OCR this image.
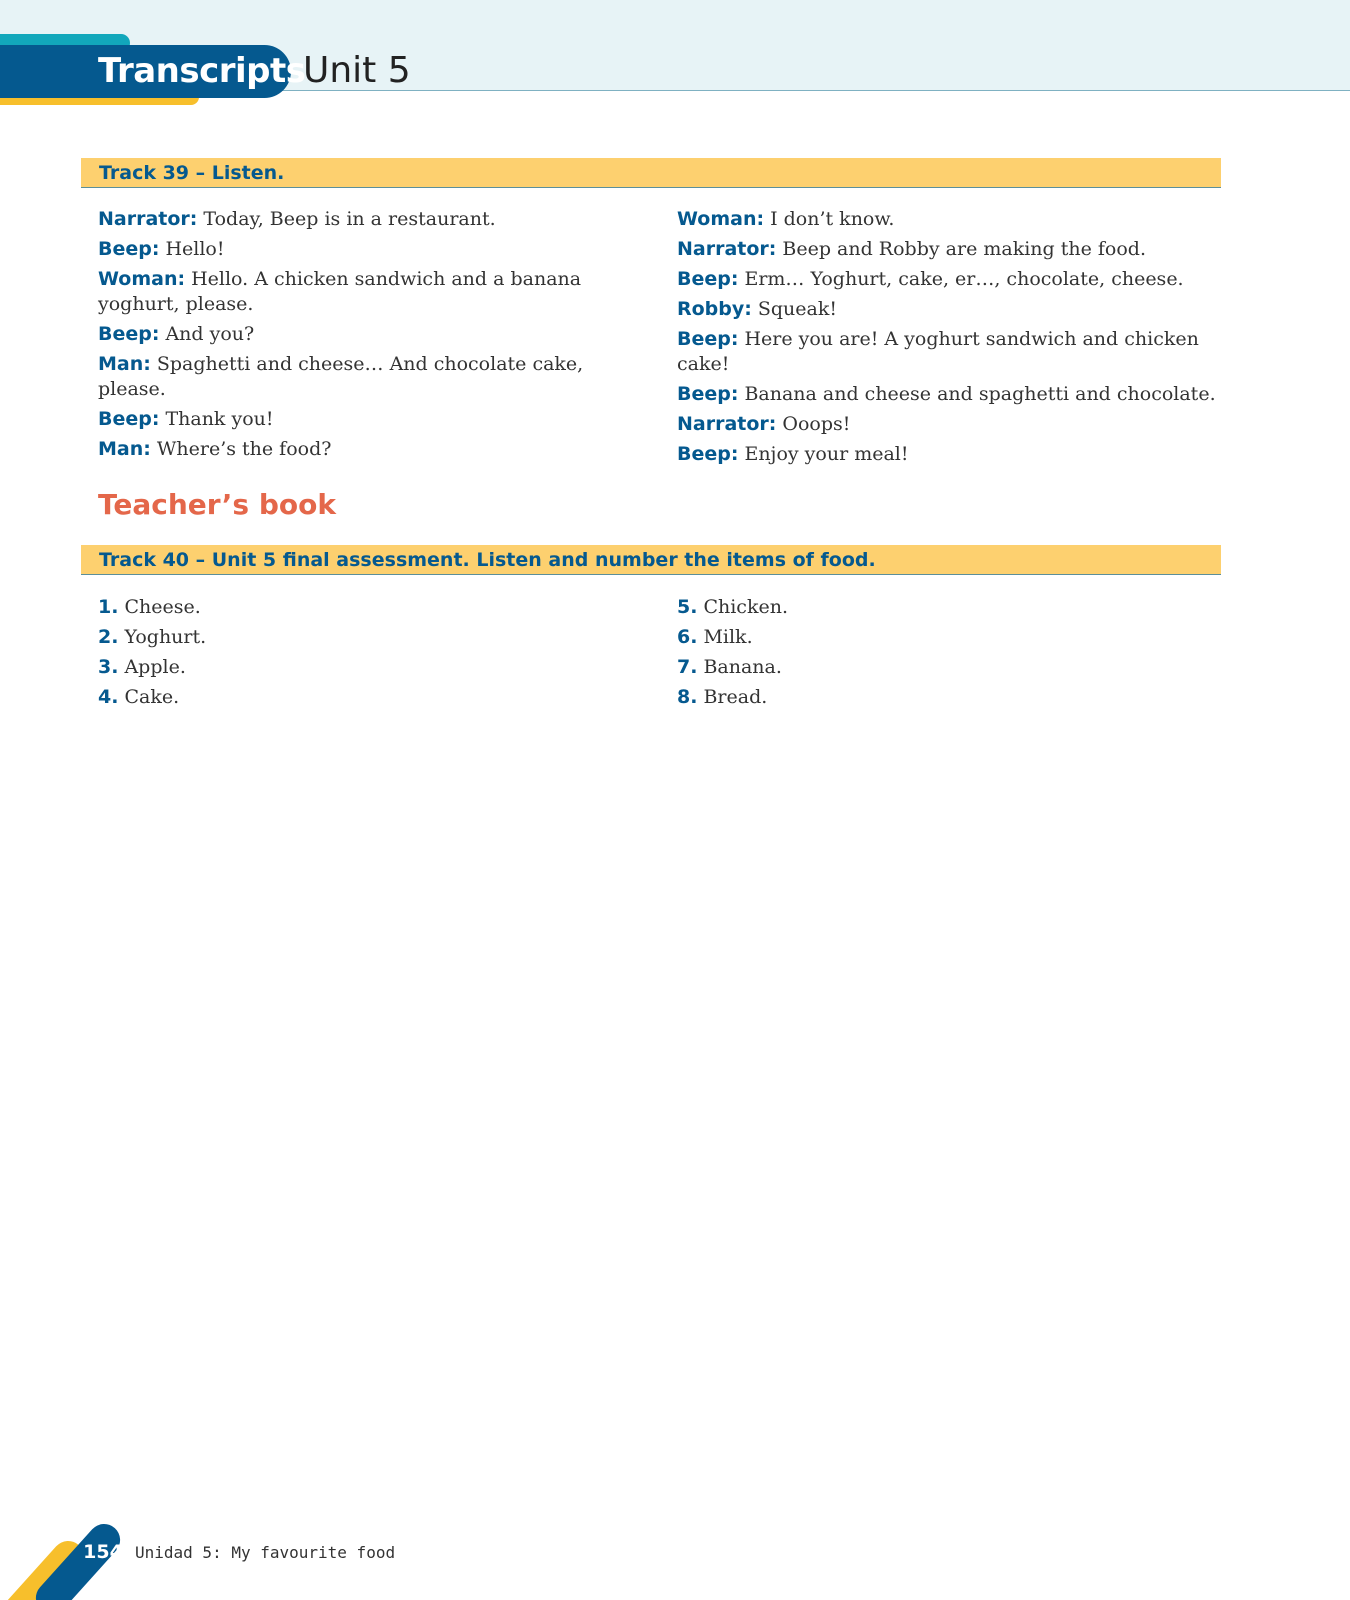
Transcripts
Unit 5
Track 39 – Listen.
Narrator: Today, Beep is in a restaurant.
Beep: Hello!
Woman: Hello. A chicken sandwich and a banana yoghurt, please.
Beep: And you?
Man: Spaghetti and cheese… And chocolate cake, please.
Beep: Thank you!
Man: Where’s the food?
Woman: I don’t know.
Narrator: Beep and Robby are making the food.
Beep: Erm… Yoghurt, cake, er…, chocolate, cheese.
Robby: Squeak!
Beep: Here you are! A yoghurt sandwich and chicken cake!
Beep: Banana and cheese and spaghetti and chocolate.
Narrator: Ooops!
Beep: Enjoy your meal!
Teacher’s book
Track 40 – Unit 5 final assessment. Listen and number the items of food.
1. Cheese.
2. Yoghurt.
3. Apple.
4. Cake.
5. Chicken.
6. Milk.
7. Banana.
8. Bread.
154 Unidad 5: My favourite food
